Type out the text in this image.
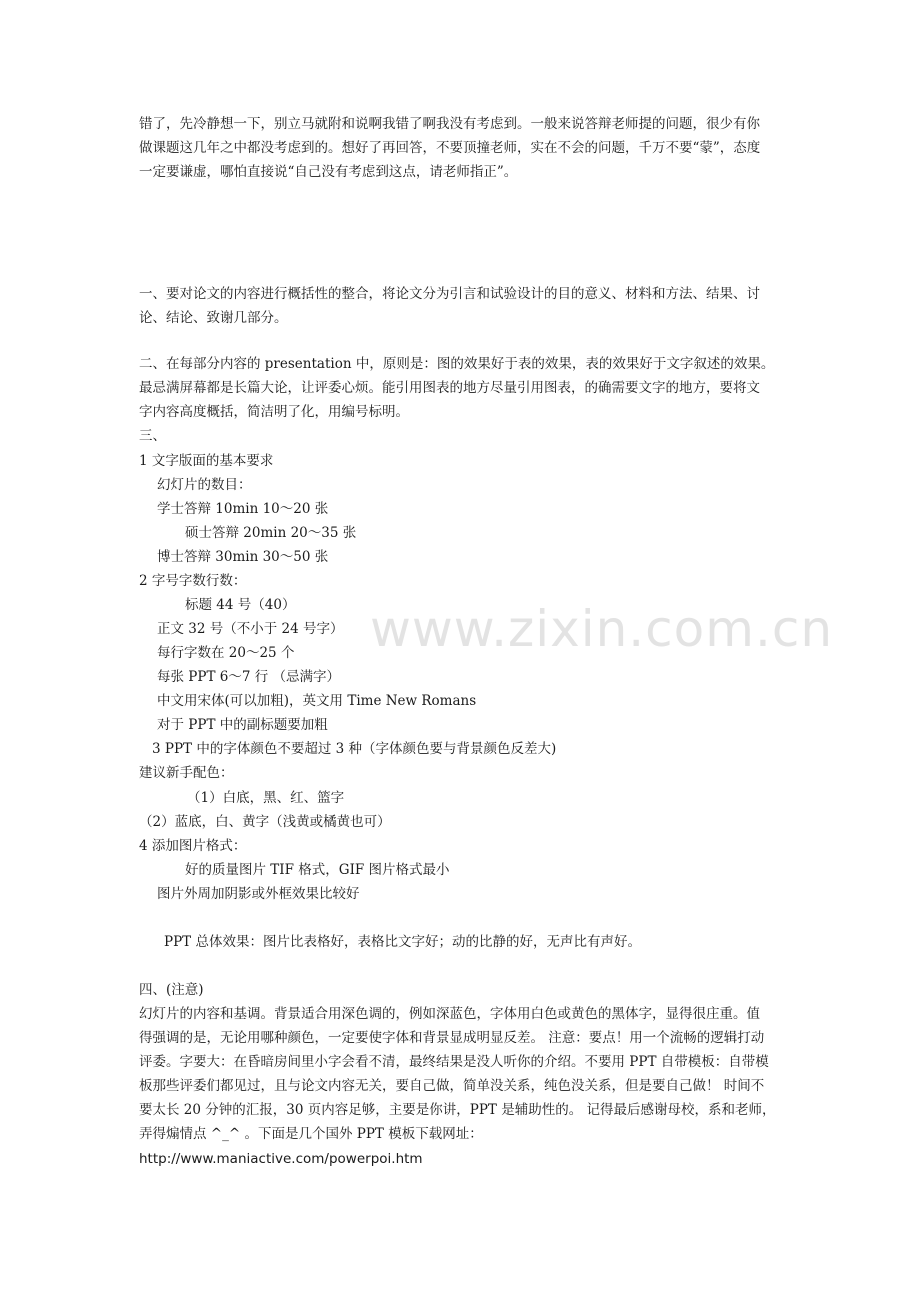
www.zixin.com.cn
错了，先冷静想一下，别立马就附和说啊我错了啊我没有考虑到。一般来说答辩老师提的问题，很少有你
做课题这几年之中都没考虑到的。想好了再回答，不要顶撞老师，实在不会的问题，千万不要“蒙”，态度
一定要谦虚，哪怕直接说“自己没有考虑到这点，请老师指正”。
一、要对论文的内容进行概括性的整合，将论文分为引言和试验设计的目的意义、材料和方法、结果、讨
论、结论、致谢几部分。
二、在每部分内容的 presentation 中，原则是：图的效果好于表的效果，表的效果好于文字叙述的效果。
最忌满屏幕都是长篇大论，让评委心烦。能引用图表的地方尽量引用图表，的确需要文字的地方，要将文
字内容高度概括，简洁明了化，用编号标明。
三、
1 文字版面的基本要求
幻灯片的数目：
学士答辩 10min 10～20 张
硕士答辩 20min 20～35 张
博士答辩 30min 30～50 张
2 字号字数行数：
标题 44 号（40）
正文 32 号（不小于 24 号字）
每行字数在 20～25 个
每张 PPT 6～7 行 （忌满字）
中文用宋体(可以加粗)，英文用 Time New Romans
对于 PPT 中的副标题要加粗
3 PPT 中的字体颜色不要超过 3 种（字体颜色要与背景颜色反差大)
建议新手配色：
（1）白底，黑、红、篮字
（2）蓝底，白、黄字（浅黄或橘黄也可）
4 添加图片格式：
好的质量图片 TIF 格式，GIF 图片格式最小
图片外周加阴影或外框效果比较好
PPT 总体效果：图片比表格好，表格比文字好；动的比静的好，无声比有声好。
四、(注意)
幻灯片的内容和基调。背景适合用深色调的，例如深蓝色，字体用白色或黄色的黑体字，显得很庄重。值
得强调的是，无论用哪种颜色，一定要使字体和背景显成明显反差。 注意：要点！用一个流畅的逻辑打动
评委。字要大：在昏暗房间里小字会看不清，最终结果是没人听你的介绍。不要用 PPT 自带模板：自带模
板那些评委们都见过，且与论文内容无关，要自己做，简单没关系，纯色没关系，但是要自己做！ 时间不
要太长 20 分钟的汇报，30 页内容足够，主要是你讲，PPT 是辅助性的。 记得最后感谢母校，系和老师，
弄得煽情点 ^_^ 。下面是几个国外 PPT 模板下载网址：
http://www.maniactive.com/powerpoi.htm
